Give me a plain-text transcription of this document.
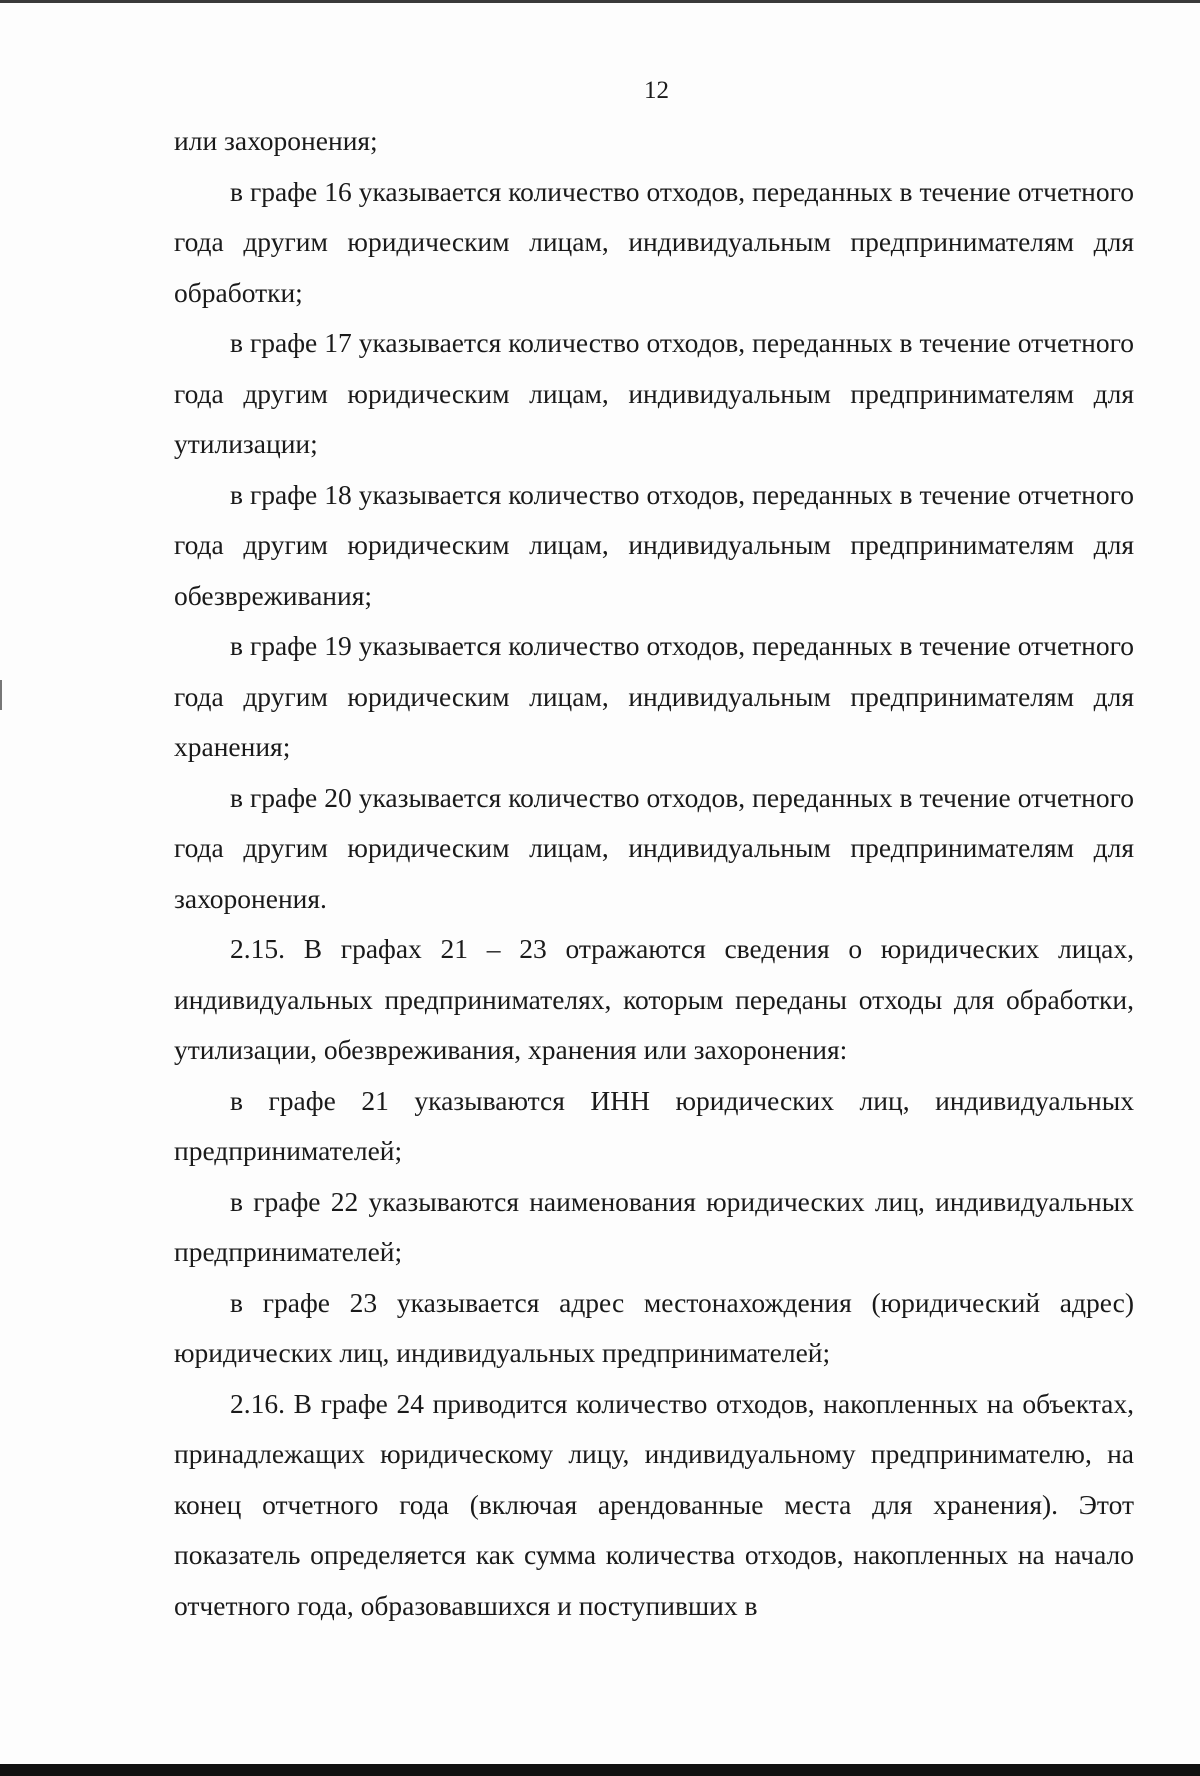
12

или захоронения;

в графе 16 указывается количество отходов, переданных в течение отчетного года другим юридическим лицам, индивидуальным предпринимателям для обработки;

в графе 17 указывается количество отходов, переданных в течение отчетного года другим юридическим лицам, индивидуальным предпринимателям для утилизации;

в графе 18 указывается количество отходов, переданных в течение отчетного года другим юридическим лицам, индивидуальным предпринимателям для обезвреживания;

в графе 19 указывается количество отходов, переданных в течение отчетного года другим юридическим лицам, индивидуальным предпринимателям для хранения;

в графе 20 указывается количество отходов, переданных в течение отчетного года другим юридическим лицам, индивидуальным предпринимателям для захоронения.

2.15. В графах 21 – 23 отражаются сведения о юридических лицах, индивидуальных предпринимателях, которым переданы отходы для обработки, утилизации, обезвреживания, хранения или захоронения:

в графе 21 указываются ИНН юридических лиц, индивидуальных предпринимателей;

в графе 22 указываются наименования юридических лиц, индивидуальных предпринимателей;

в графе 23 указывается адрес местонахождения (юридический адрес) юридических лиц, индивидуальных предпринимателей;

2.16. В графе 24 приводится количество отходов, накопленных на объектах, принадлежащих юридическому лицу, индивидуальному предпринимателю, на конец отчетного года (включая арендованные места для хранения). Этот показатель определяется как сумма количества отходов, накопленных на начало отчетного года, образовавшихся и поступивших в
